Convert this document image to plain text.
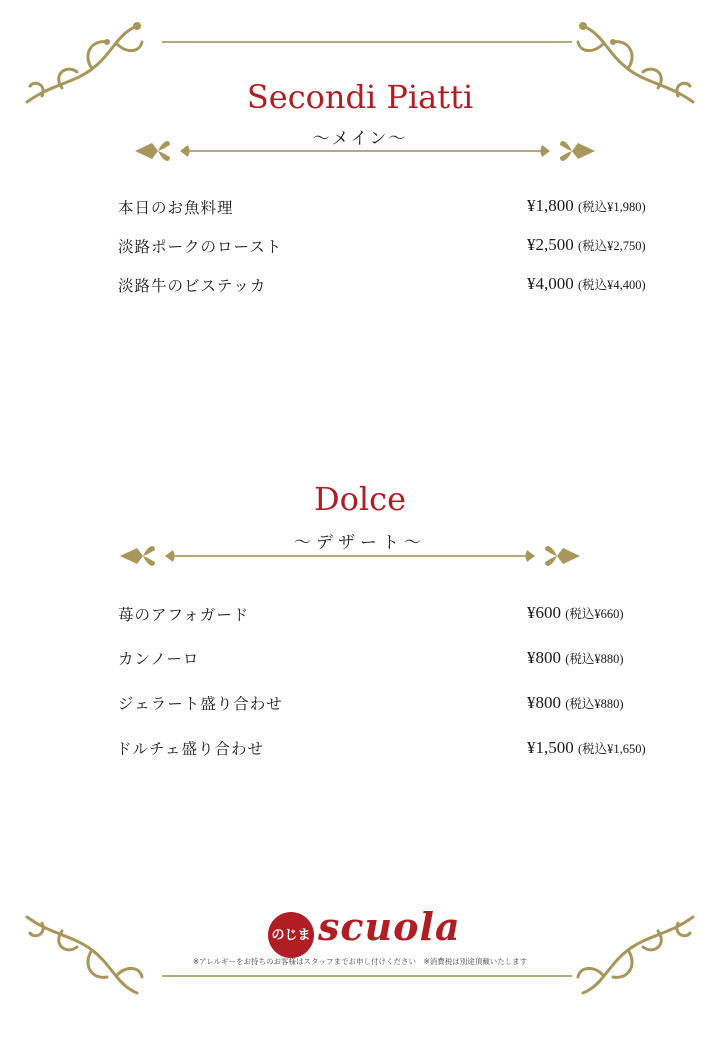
Secondi Piatti
～メイン～
本日のお魚料理	¥1,800 (税込¥1,980)
淡路ポークのロースト	¥2,500 (税込¥2,750)
淡路牛のビステッカ	¥4,000 (税込¥4,400)
Dolce
～デザート～
苺のアフォガード	¥600 (税込¥660)
カンノーロ	¥800 (税込¥880)
ジェラート盛り合わせ	¥800 (税込¥880)
ドルチェ盛り合わせ	¥1,500 (税込¥1,650)
のじま scuola
※アレルギーをお持ちのお客様はスタッフまでお申し付けください　※消費税は別途頂戴いたします
